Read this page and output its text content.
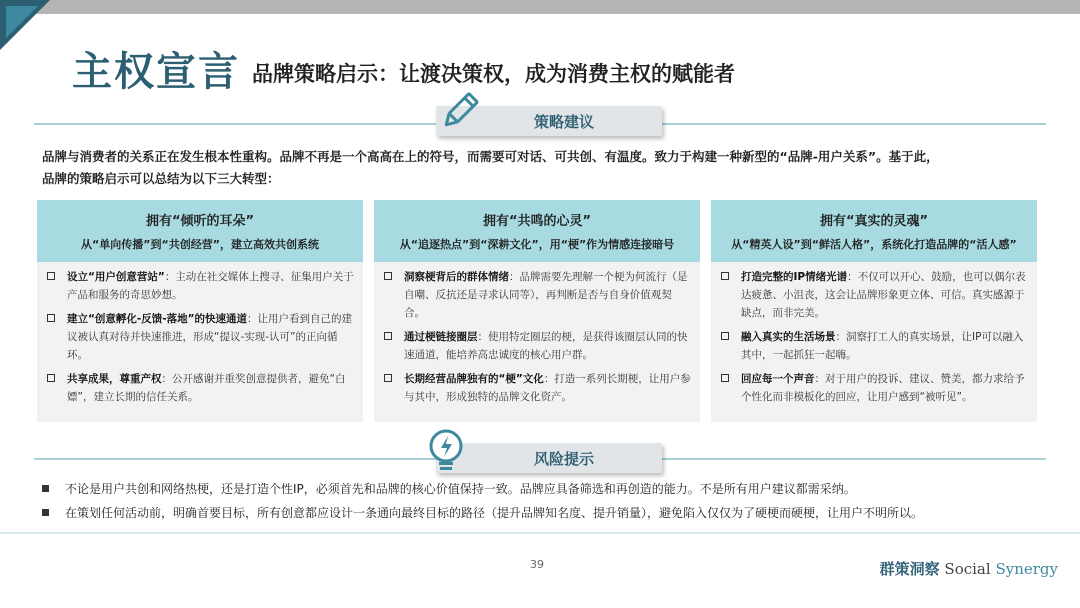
主权宣言 品牌策略启示：让渡决策权，成为消费主权的赋能者
策略建议
品牌与消费者的关系正在发生根本性重构。品牌不再是一个高高在上的符号，而需要可对话、可共创、有温度。致力于构建一种新型的“品牌-用户关系”。基于此，
品牌的策略启示可以总结为以下三大转型：
拥有“倾听的耳朵”
从“单向传播”到“共创经营”，建立高效共创系统
设立“用户创意营站”：主动在社交媒体上搜寻、征集用户关于产品和服务的奇思妙想。
建立“创意孵化-反馈-落地”的快速通道：让用户看到自己的建议被认真对待并快速推进，形成“提议-实现-认可”的正向循环。
共享成果，尊重产权：公开感谢并重奖创意提供者，避免“白嫖”，建立长期的信任关系。
拥有“共鸣的心灵”
从“追逐热点”到“深耕文化”，用“梗”作为情感连接暗号
洞察梗背后的群体情绪：品牌需要先理解一个梗为何流行（是自嘲、反抗还是寻求认同等），再判断是否与自身价值观契合。
通过梗链接圈层：使用特定圈层的梗，是获得该圈层认同的快速通道，能培养高忠诚度的核心用户群。
长期经营品牌独有的“梗”文化：打造一系列长期梗，让用户参与其中，形成独特的品牌文化资产。
拥有“真实的灵魂”
从“精英人设”到“鲜活人格”，系统化打造品牌的“活人感”
打造完整的IP情绪光谱：不仅可以开心、鼓励，也可以偶尔表达疲惫、小沮丧，这会让品牌形象更立体、可信。真实感源于缺点，而非完美。
融入真实的生活场景：洞察打工人的真实场景，让IP可以融入其中，一起抓狂一起嗨。
回应每一个声音：对于用户的投诉、建议、赞美，都力求给予个性化而非模板化的回应，让用户感到“被听见”。
风险提示
不论是用户共创和网络热梗，还是打造个性IP，必须首先和品牌的核心价值保持一致。品牌应具备筛选和再创造的能力。不是所有用户建议都需采纳。
在策划任何活动前，明确首要目标，所有创意都应设计一条通向最终目标的路径（提升品牌知名度、提升销量），避免陷入仅仅为了硬梗而硬梗，让用户不明所以。
39	群策洞察 Social Synergy
